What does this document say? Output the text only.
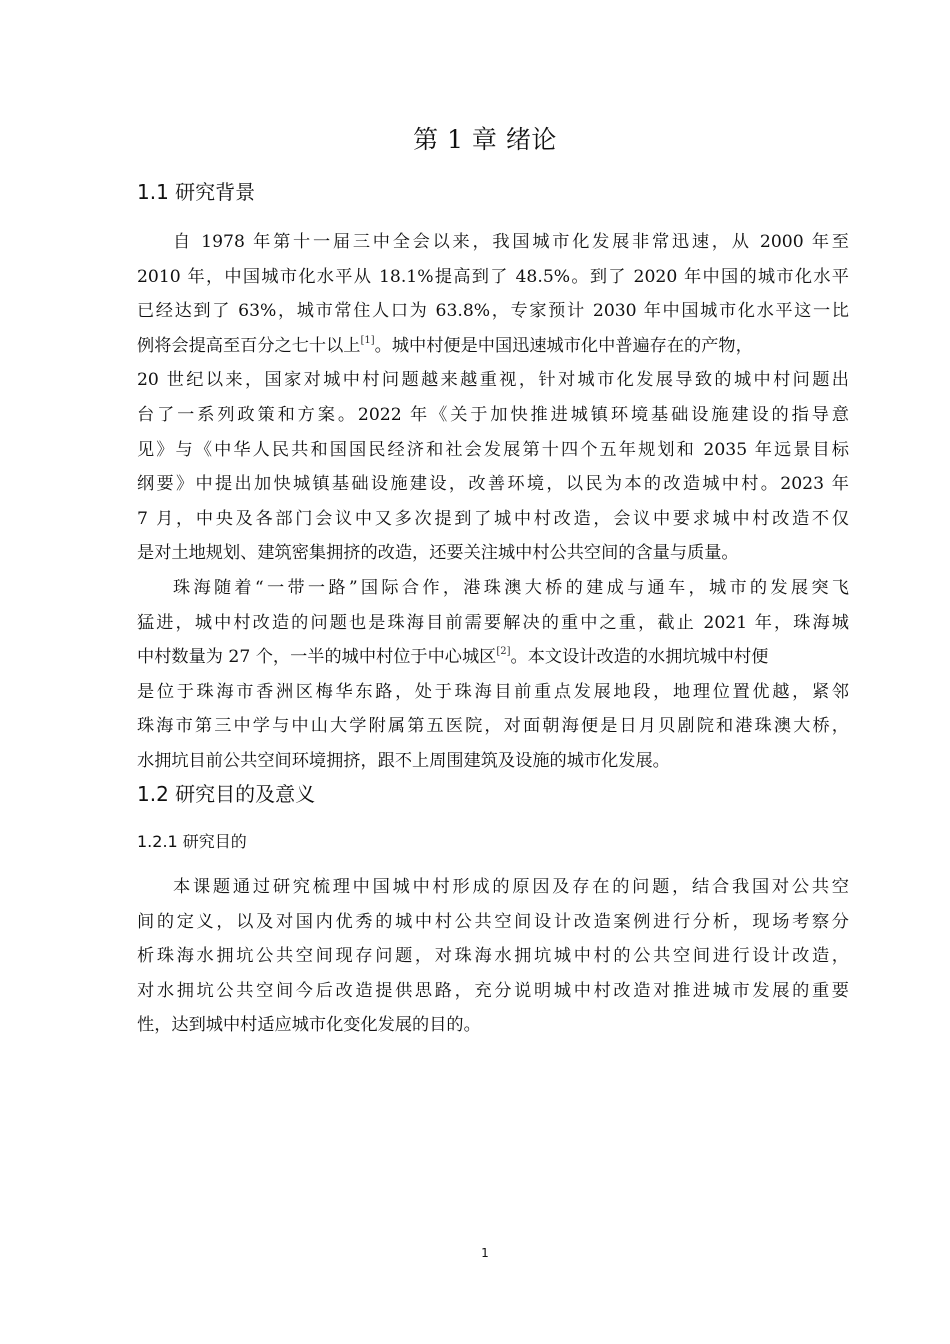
第 1 章 绪论
1.1 研究背景
自 1978 年第十一届三中全会以来，我国城市化发展非常迅速，从 2000 年至
2010 年，中国城市化水平从 18.1%提高到了 48.5%。到了 2020 年中国的城市化水平
已经达到了 63%，城市常住人口为 63.8%，专家预计 2030 年中国城市化水平这一比
例将会提高至百分之七十以上[1]。城中村便是中国迅速城市化中普遍存在的产物，
20 世纪以来，国家对城中村问题越来越重视，针对城市化发展导致的城中村问题出
台了一系列政策和方案。2022 年《关于加快推进城镇环境基础设施建设的指导意
见》与《中华人民共和国国民经济和社会发展第十四个五年规划和 2035 年远景目标
纲要》中提出加快城镇基础设施建设，改善环境，以民为本的改造城中村。2023 年
7 月，中央及各部门会议中又多次提到了城中村改造，会议中要求城中村改造不仅
是对土地规划、建筑密集拥挤的改造，还要关注城中村公共空间的含量与质量。
珠海随着“一带一路”国际合作，港珠澳大桥的建成与通车，城市的发展突飞
猛进，城中村改造的问题也是珠海目前需要解决的重中之重，截止 2021 年，珠海城
中村数量为 27 个，一半的城中村位于中心城区[2]。本文设计改造的水拥坑城中村便
是位于珠海市香洲区梅华东路，处于珠海目前重点发展地段，地理位置优越，紧邻
珠海市第三中学与中山大学附属第五医院，对面朝海便是日月贝剧院和港珠澳大桥，
水拥坑目前公共空间环境拥挤，跟不上周围建筑及设施的城市化发展。
1.2 研究目的及意义
1.2.1 研究目的
本课题通过研究梳理中国城中村形成的原因及存在的问题，结合我国对公共空
间的定义，以及对国内优秀的城中村公共空间设计改造案例进行分析，现场考察分
析珠海水拥坑公共空间现存问题，对珠海水拥坑城中村的公共空间进行设计改造，
对水拥坑公共空间今后改造提供思路，充分说明城中村改造对推进城市发展的重要
性，达到城中村适应城市化变化发展的目的。
1
